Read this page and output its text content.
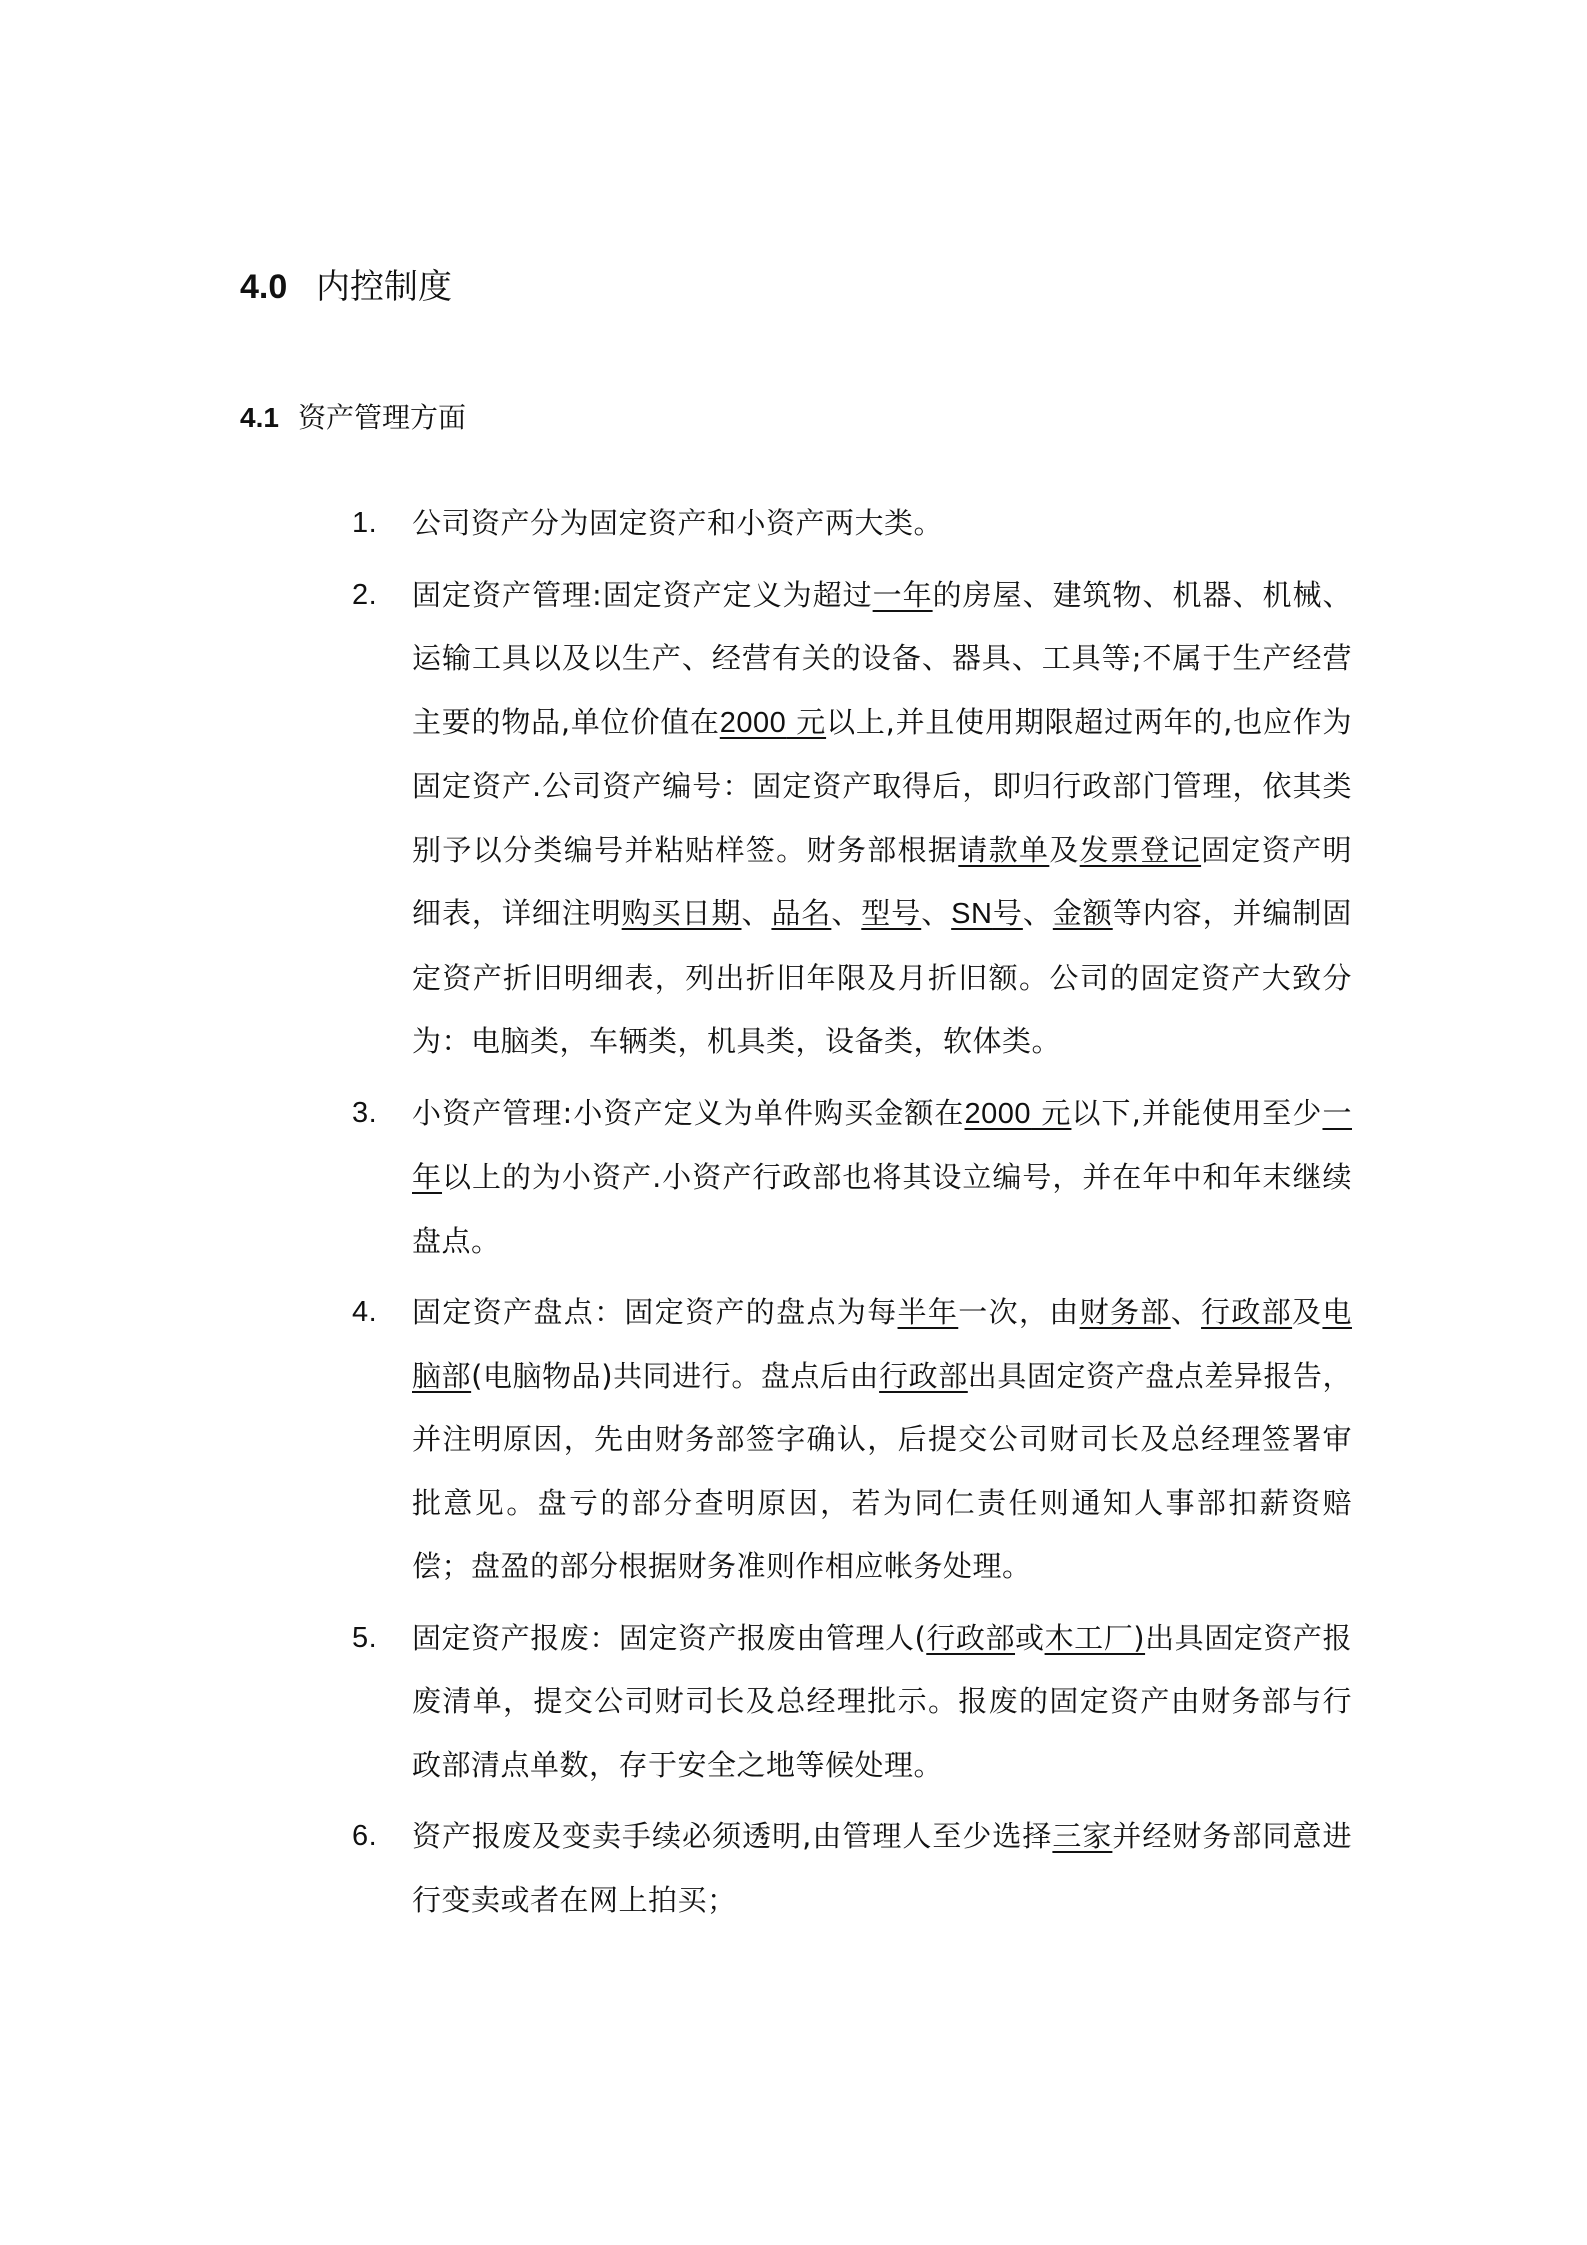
4.0 内控制度
4.1 资产管理方面
1. 公司资产分为固定资产和小资产两大类。
2. 固定资产管理:固定资产定义为超过一年的房屋、建筑物、机器、机械、运输工具以及以生产、经营有关的设备、器具、工具等;不属于生产经营主要的物品,单位价值在2000 元以上,并且使用期限超过两年的,也应作为固定资产.公司资产编号：固定资产取得后，即归行政部门管理，依其类别予以分类编号并粘贴样签。财务部根据请款单及发票登记固定资产明细表，详细注明购买日期、品名、型号、SN号、金额等内容，并编制固定资产折旧明细表，列出折旧年限及月折旧额。公司的固定资产大致分为：电脑类，车辆类，机具类，设备类，软体类。
3. 小资产管理:小资产定义为单件购买金额在2000 元以下,并能使用至少一年以上的为小资产.小资产行政部也将其设立编号，并在年中和年末继续盘点。
4. 固定资产盘点：固定资产的盘点为每半年一次，由财务部、行政部及电脑部(电脑物品)共同进行。盘点后由行政部出具固定资产盘点差异报告，并注明原因，先由财务部签字确认，后提交公司财司长及总经理签署审批意见。盘亏的部分查明原因，若为同仁责任则通知人事部扣薪资赔偿；盘盈的部分根据财务准则作相应帐务处理。
5. 固定资产报废：固定资产报废由管理人(行政部或木工厂)出具固定资产报废清单，提交公司财司长及总经理批示。报废的固定资产由财务部与行政部清点单数，存于安全之地等候处理。
6. 资产报废及变卖手续必须透明,由管理人至少选择三家并经财务部同意进行变卖或者在网上拍买；
